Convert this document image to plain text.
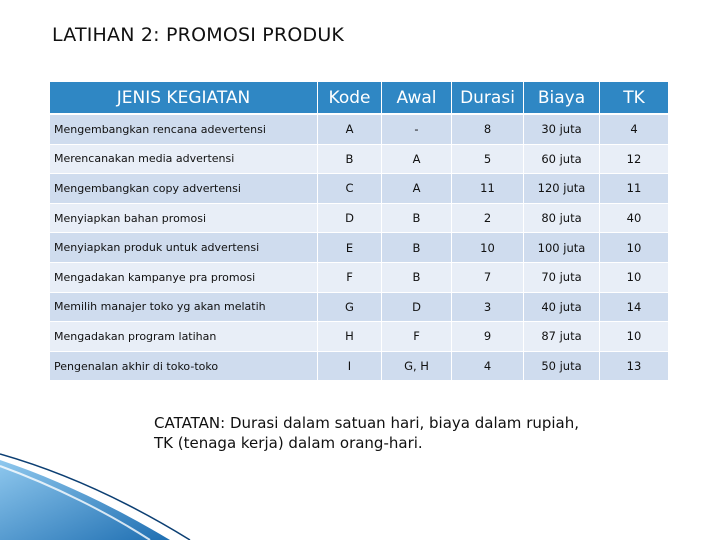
LATIHAN 2: PROMOSI PRODUK
JENIS KEGIATAN	Kode	Awal	Durasi	Biaya	TK
Mengembangkan rencana adevertensi	A	-	8	30 juta	4
Merencanakan media advertensi	B	A	5	60 juta	12
Mengembangkan copy advertensi	C	A	11	120 juta	11
Menyiapkan bahan promosi	D	B	2	80 juta	40
Menyiapkan produk untuk advertensi	E	B	10	100 juta	10
Mengadakan kampanye pra promosi	F	B	7	70 juta	10
Memilih manajer toko yg akan melatih	G	D	3	40 juta	14
Mengadakan program latihan	H	F	9	87 juta	10
Pengenalan akhir di toko-toko	I	G, H	4	50 juta	13
CATATAN: Durasi dalam satuan hari, biaya dalam rupiah,
TK (tenaga kerja) dalam orang-hari.
